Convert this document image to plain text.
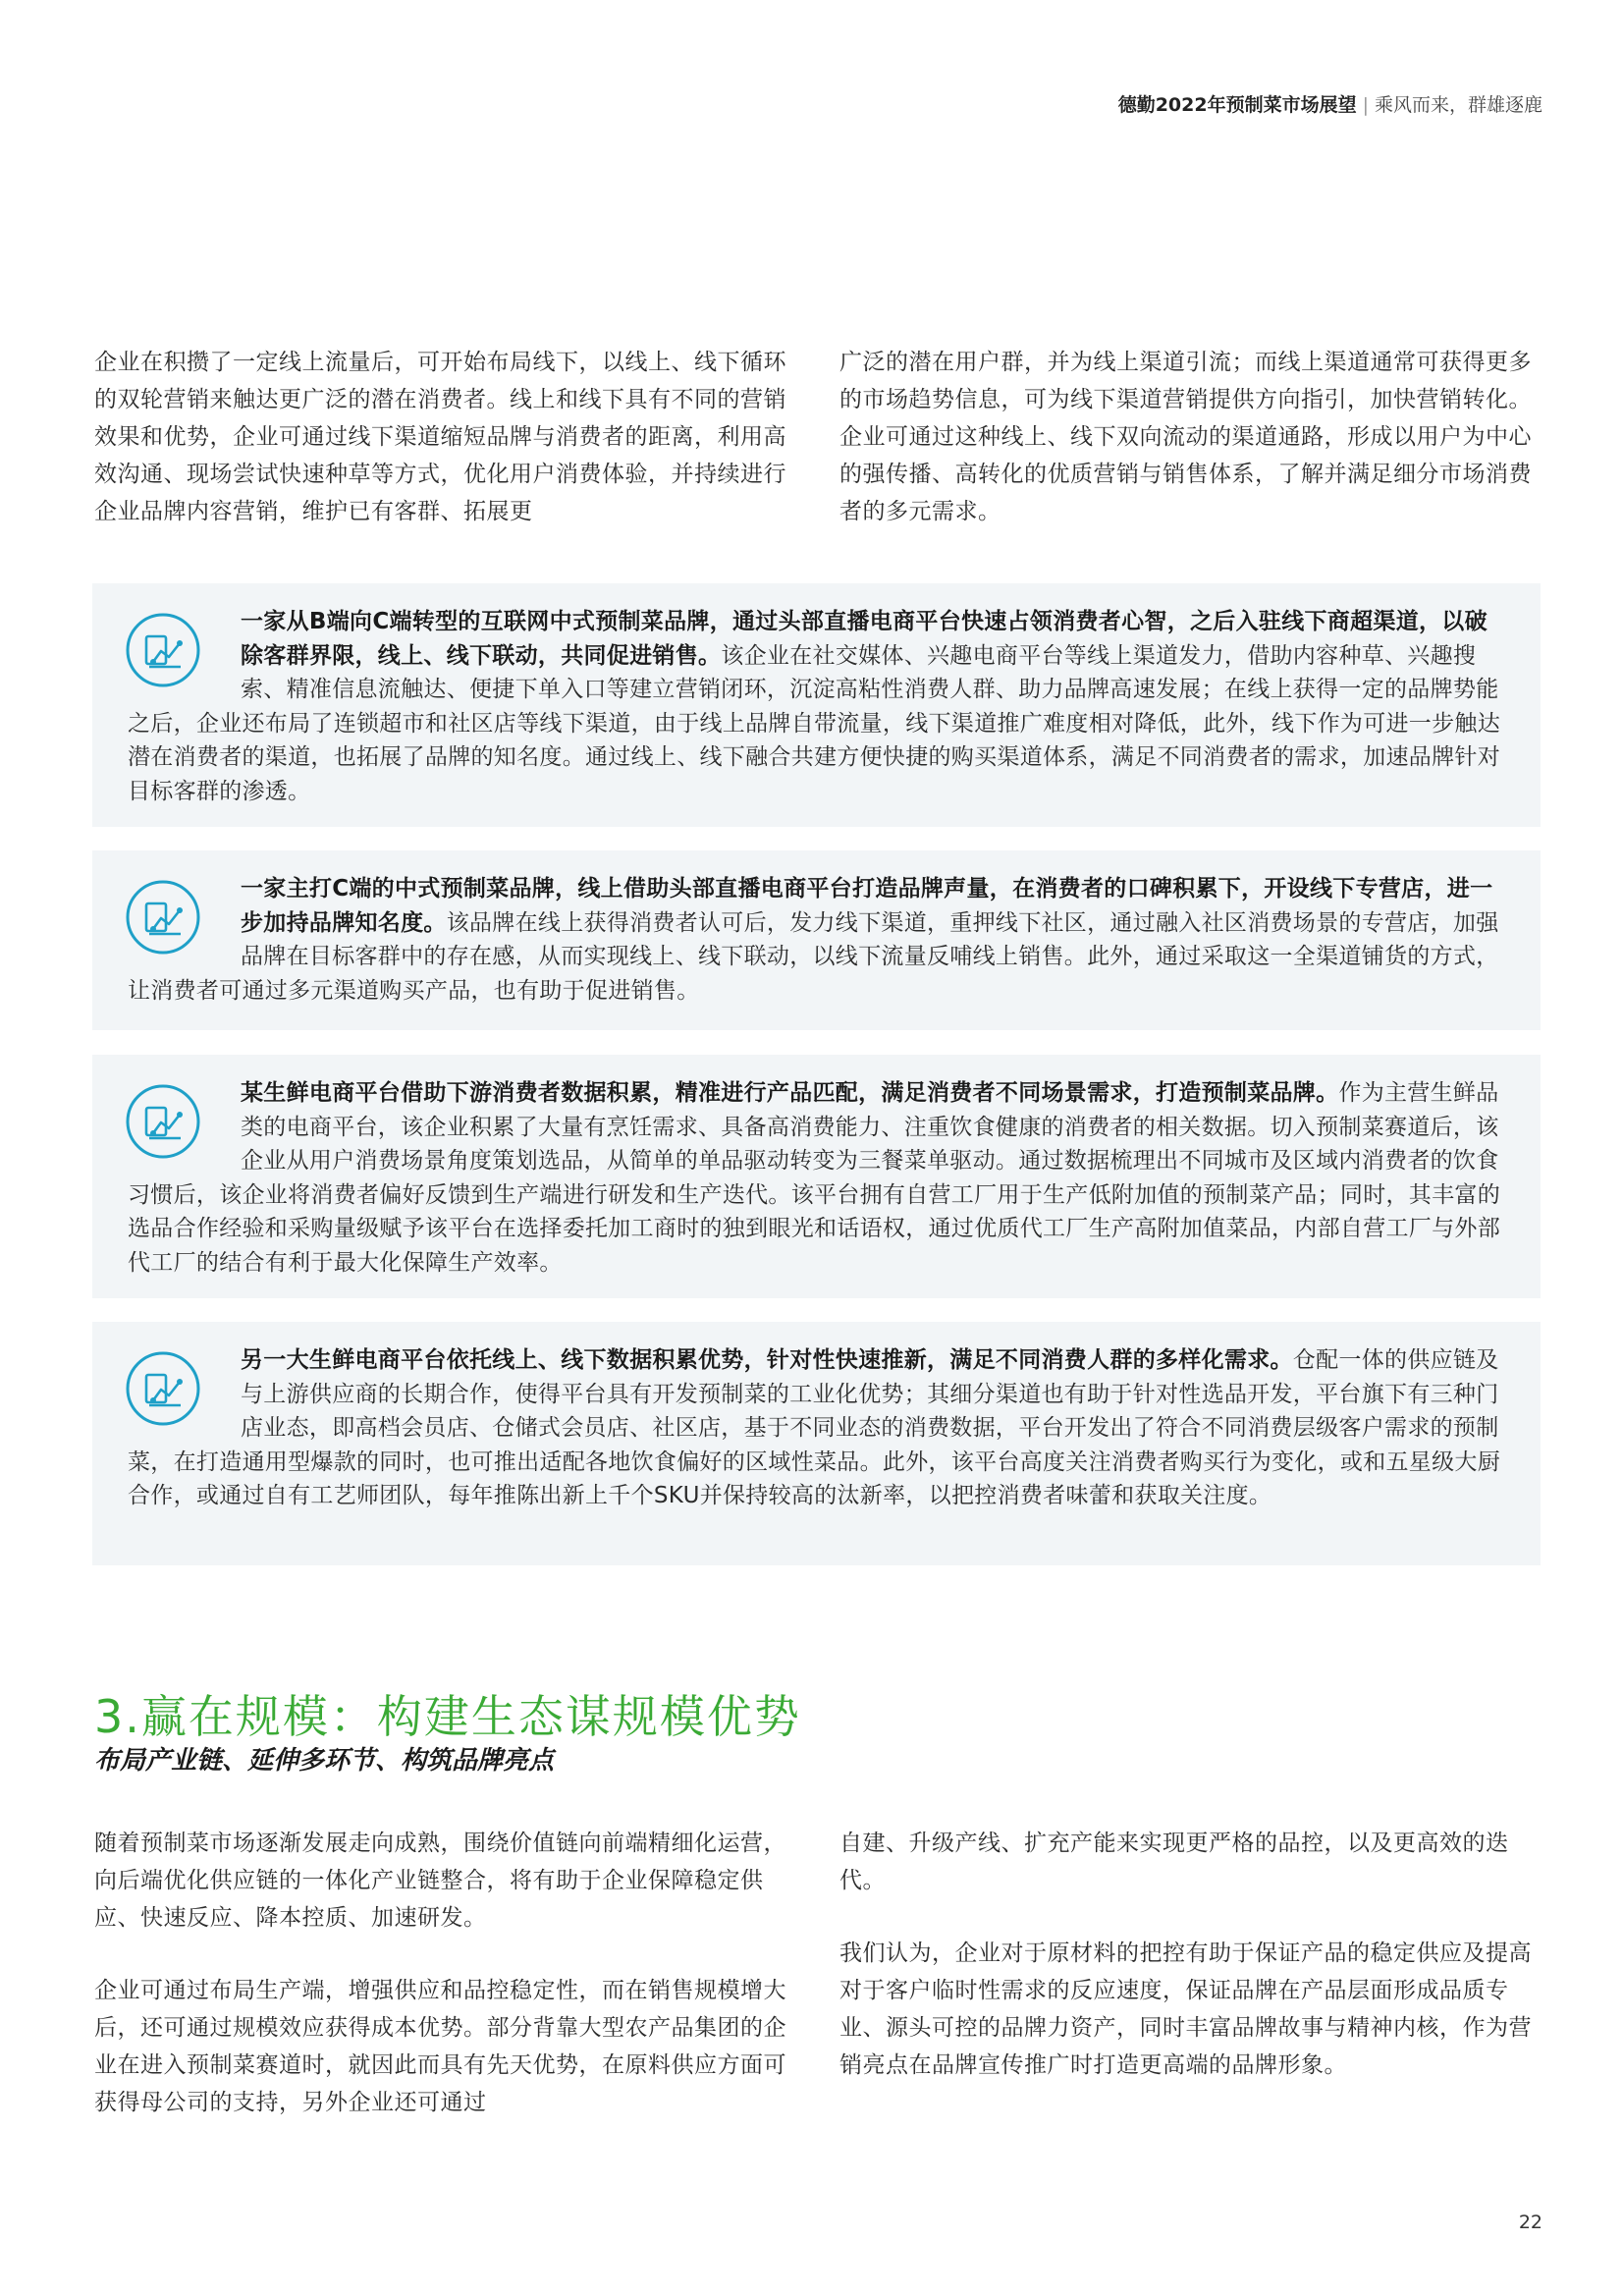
德勤2022年预制菜市场展望 | 乘风而来，群雄逐鹿

企业在积攒了一定线上流量后，可开始布局线下，以线上、线下循环的双轮营销来触达更广泛的潜在消费者。线上和线下具有不同的营销效果和优势，企业可通过线下渠道缩短品牌与消费者的距离，利用高效沟通、现场尝试快速种草等方式，优化用户消费体验，并持续进行企业品牌内容营销，维护已有客群、拓展更

广泛的潜在用户群，并为线上渠道引流；而线上渠道通常可获得更多的市场趋势信息，可为线下渠道营销提供方向指引，加快营销转化。企业可通过这种线上、线下双向流动的渠道通路，形成以用户为中心的强传播、高转化的优质营销与销售体系，了解并满足细分市场消费者的多元需求。

一家从B端向C端转型的互联网中式预制菜品牌，通过头部直播电商平台快速占领消费者心智，之后入驻线下商超渠道，以破除客群界限，线上、线下联动，共同促进销售。该企业在社交媒体、兴趣电商平台等线上渠道发力，借助内容种草、兴趣搜索、精准信息流触达、便捷下单入口等建立营销闭环，沉淀高粘性消费人群、助力品牌高速发展；在线上获得一定的品牌势能之后，企业还布局了连锁超市和社区店等线下渠道，由于线上品牌自带流量，线下渠道推广难度相对降低，此外，线下作为可进一步触达潜在消费者的渠道，也拓展了品牌的知名度。通过线上、线下融合共建方便快捷的购买渠道体系，满足不同消费者的需求，加速品牌针对目标客群的渗透。
一家主打C端的中式预制菜品牌，线上借助头部直播电商平台打造品牌声量，在消费者的口碑积累下，开设线下专营店，进一步加持品牌知名度。该品牌在线上获得消费者认可后，发力线下渠道，重押线下社区，通过融入社区消费场景的专营店，加强品牌在目标客群中的存在感，从而实现线上、线下联动，以线下流量反哺线上销售。此外，通过采取这一全渠道铺货的方式，让消费者可通过多元渠道购买产品，也有助于促进销售。
某生鲜电商平台借助下游消费者数据积累，精准进行产品匹配，满足消费者不同场景需求，打造预制菜品牌。作为主营生鲜品类的电商平台，该企业积累了大量有烹饪需求、具备高消费能力、注重饮食健康的消费者的相关数据。切入预制菜赛道后，该企业从用户消费场景角度策划选品，从简单的单品驱动转变为三餐菜单驱动。通过数据梳理出不同城市及区域内消费者的饮食习惯后，该企业将消费者偏好反馈到生产端进行研发和生产迭代。该平台拥有自营工厂用于生产低附加值的预制菜产品；同时，其丰富的选品合作经验和采购量级赋予该平台在选择委托加工商时的独到眼光和话语权，通过优质代工厂生产高附加值菜品，内部自营工厂与外部代工厂的结合有利于最大化保障生产效率。
另一大生鲜电商平台依托线上、线下数据积累优势，针对性快速推新，满足不同消费人群的多样化需求。仓配一体的供应链及与上游供应商的长期合作，使得平台具有开发预制菜的工业化优势；其细分渠道也有助于针对性选品开发，平台旗下有三种门店业态，即高档会员店、仓储式会员店、社区店，基于不同业态的消费数据，平台开发出了符合不同消费层级客户需求的预制菜，在打造通用型爆款的同时，也可推出适配各地饮食偏好的区域性菜品。此外，该平台高度关注消费者购买行为变化，或和五星级大厨合作，或通过自有工艺师团队，每年推陈出新上千个SKU并保持较高的汰新率，以把控消费者味蕾和获取关注度。
3.赢在规模：构建生态谋规模优势
布局产业链、延伸多环节、构筑品牌亮点

随着预制菜市场逐渐发展走向成熟，围绕价值链向前端精细化运营，向后端优化供应链的一体化产业链整合，将有助于企业保障稳定供应、快速反应、降本控质、加速研发。

企业可通过布局生产端，增强供应和品控稳定性，而在销售规模增大后，还可通过规模效应获得成本优势。部分背靠大型农产品集团的企业在进入预制菜赛道时，就因此而具有先天优势，在原料供应方面可获得母公司的支持，另外企业还可通过

自建、升级产线、扩充产能来实现更严格的品控，以及更高效的迭代。

我们认为，企业对于原材料的把控有助于保证产品的稳定供应及提高对于客户临时性需求的反应速度，保证品牌在产品层面形成品质专业、源头可控的品牌力资产，同时丰富品牌故事与精神内核，作为营销亮点在品牌宣传推广时打造更高端的品牌形象。

22
